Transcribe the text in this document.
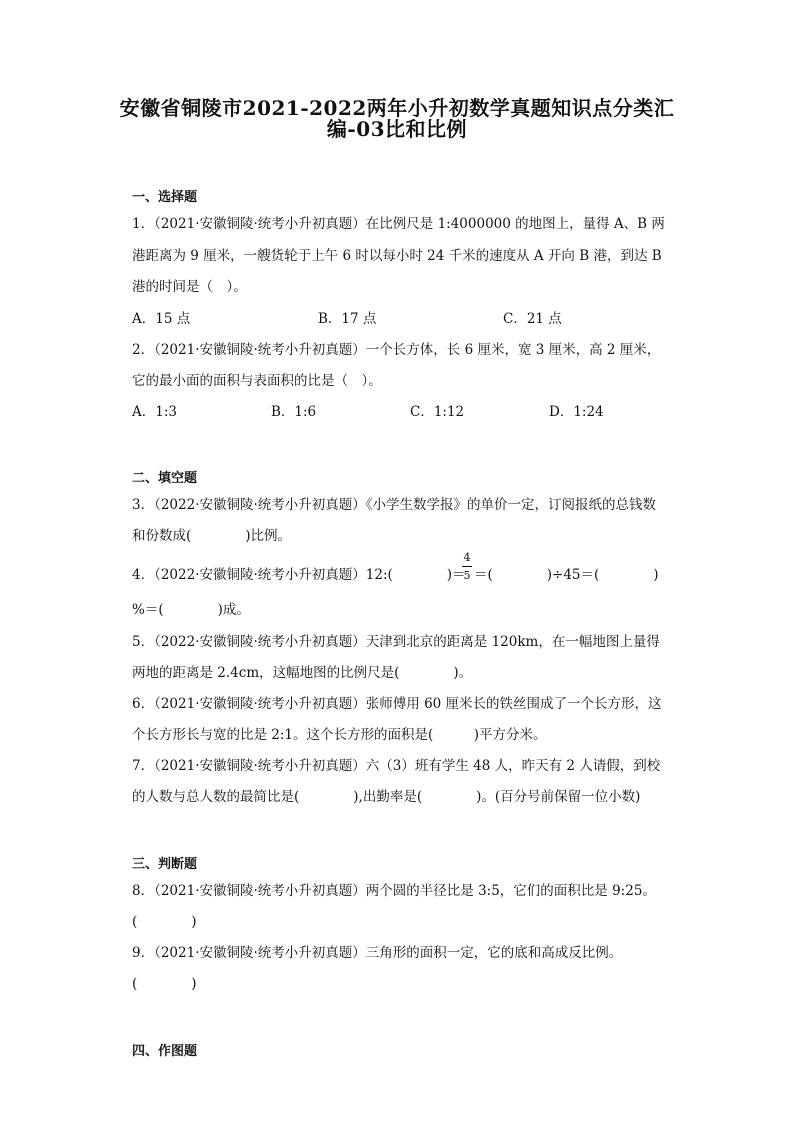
安徽省铜陵市2021-2022两年小升初数学真题知识点分类汇
编-03比和比例
一、选择题
1．（2021·安徽铜陵·统考小升初真题）在比例尺是 1:4000000 的地图上，量得 A、B 两
港距离为 9 厘米，一艘货轮于上午 6 时以每小时 24 千米的速度从 A 开向 B 港，到达 B
港的时间是（　）。
A．15 点	B．17 点	C．21 点
2．（2021·安徽铜陵·统考小升初真题）一个长方体，长 6 厘米，宽 3 厘米，高 2 厘米，
它的最小面的面积与表面积的比是（　）。
A．1:3	B．1:6	C．1:12	D．1:24
二、填空题
3．（2022·安徽铜陵·统考小升初真题）《小学生数学报》的单价一定，订阅报纸的总钱数
和份数成(　　　　)比例。
4．（2022·安徽铜陵·统考小升初真题）12:(　　　　)＝
4
5 ＝(　　　　)÷45＝(　　　　)
%＝(　　　　)成。
5．（2022·安徽铜陵·统考小升初真题）天津到北京的距离是 120km，在一幅地图上量得
两地的距离是 2.4cm，这幅地图的比例尺是(　　　　)。
6．（2021·安徽铜陵·统考小升初真题）张师傅用 60 厘米长的铁丝围成了一个长方形，这
个长方形长与宽的比是 2:1。这个长方形的面积是(　　　)平方分米。
7．（2021·安徽铜陵·统考小升初真题）六（3）班有学生 48 人，昨天有 2 人请假，到校
的人数与总人数的最简比是(　　　　),出勤率是(　　　　)。(百分号前保留一位小数)
三、判断题
8．（2021·安徽铜陵·统考小升初真题）两个圆的半径比是 3:5，它们的面积比是 9:25。
(　　　　)
9．（2021·安徽铜陵·统考小升初真题）三角形的面积一定，它的底和高成反比例。
(　　　　)
四、作图题
